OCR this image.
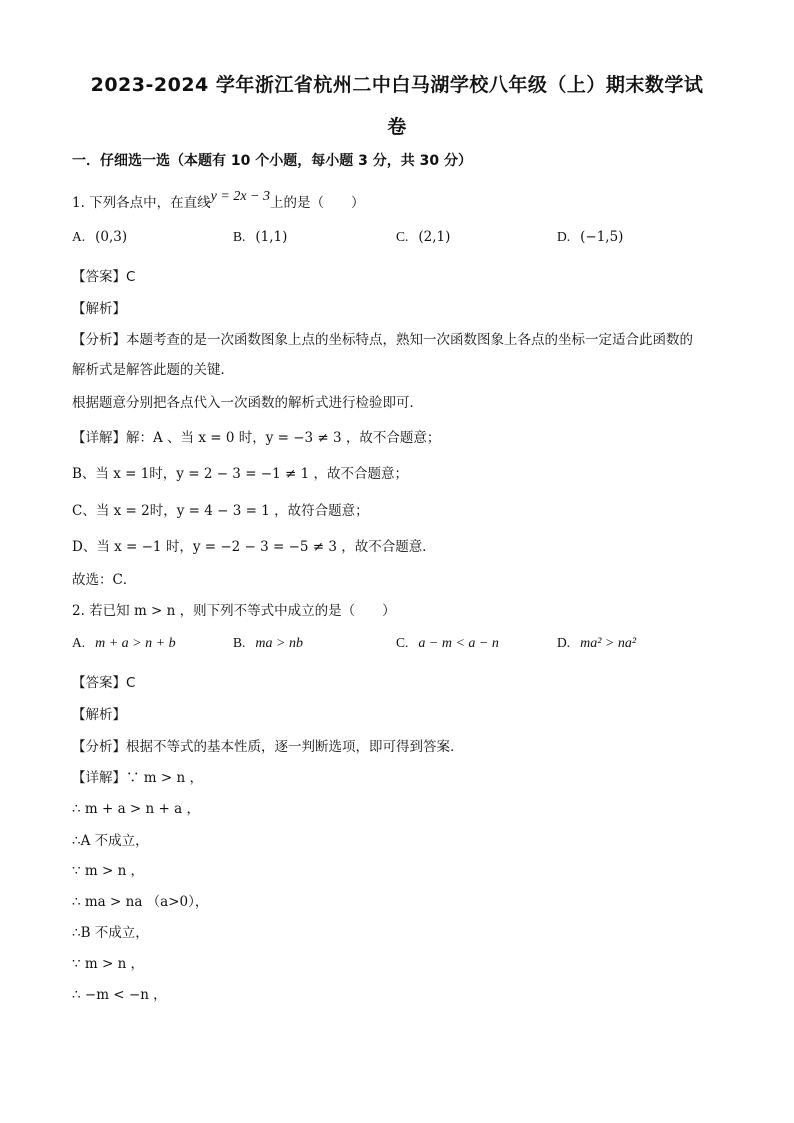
2023-2024 学年浙江省杭州二中白马湖学校八年级（上）期末数学试
卷
一．仔细选一选（本题有 10 个小题，每小题 3 分，共 30 分）
1. 下列各点中，在直线y = 2x − 3上的是（　　）
A. (0,3)	B. (1,1)	C. (2,1)	D. (−1,5)
【答案】C
【解析】
【分析】本题考查的是一次函数图象上点的坐标特点，熟知一次函数图象上各点的坐标一定适合此函数的
解析式是解答此题的关键．
根据题意分别把各点代入一次函数的解析式进行检验即可．
【详解】解：A 、当 x = 0 时，y = −3 ≠ 3 ，故不合题意；
B、当 x = 1时，y = 2 − 3 = −1 ≠ 1 ，故不合题意；
C、当 x = 2时，y = 4 − 3 = 1 ，故符合题意；
D、当 x = −1 时，y = −2 − 3 = −5 ≠ 3 ，故不合题意．
故选：C．
2. 若已知 m > n ，则下列不等式中成立的是（　　）
A. m + a > n + b	B. ma > nb	C. a − m < a − n	D. ma² > na²
【答案】C
【解析】
【分析】根据不等式的基本性质，逐一判断选项，即可得到答案．
【详解】∵ m > n ，
∴ m + a > n + a ，
∴A 不成立，
∵ m > n ，
∴ ma > na （a>0），
∴B 不成立，
∵ m > n ，
∴ −m < −n ，
